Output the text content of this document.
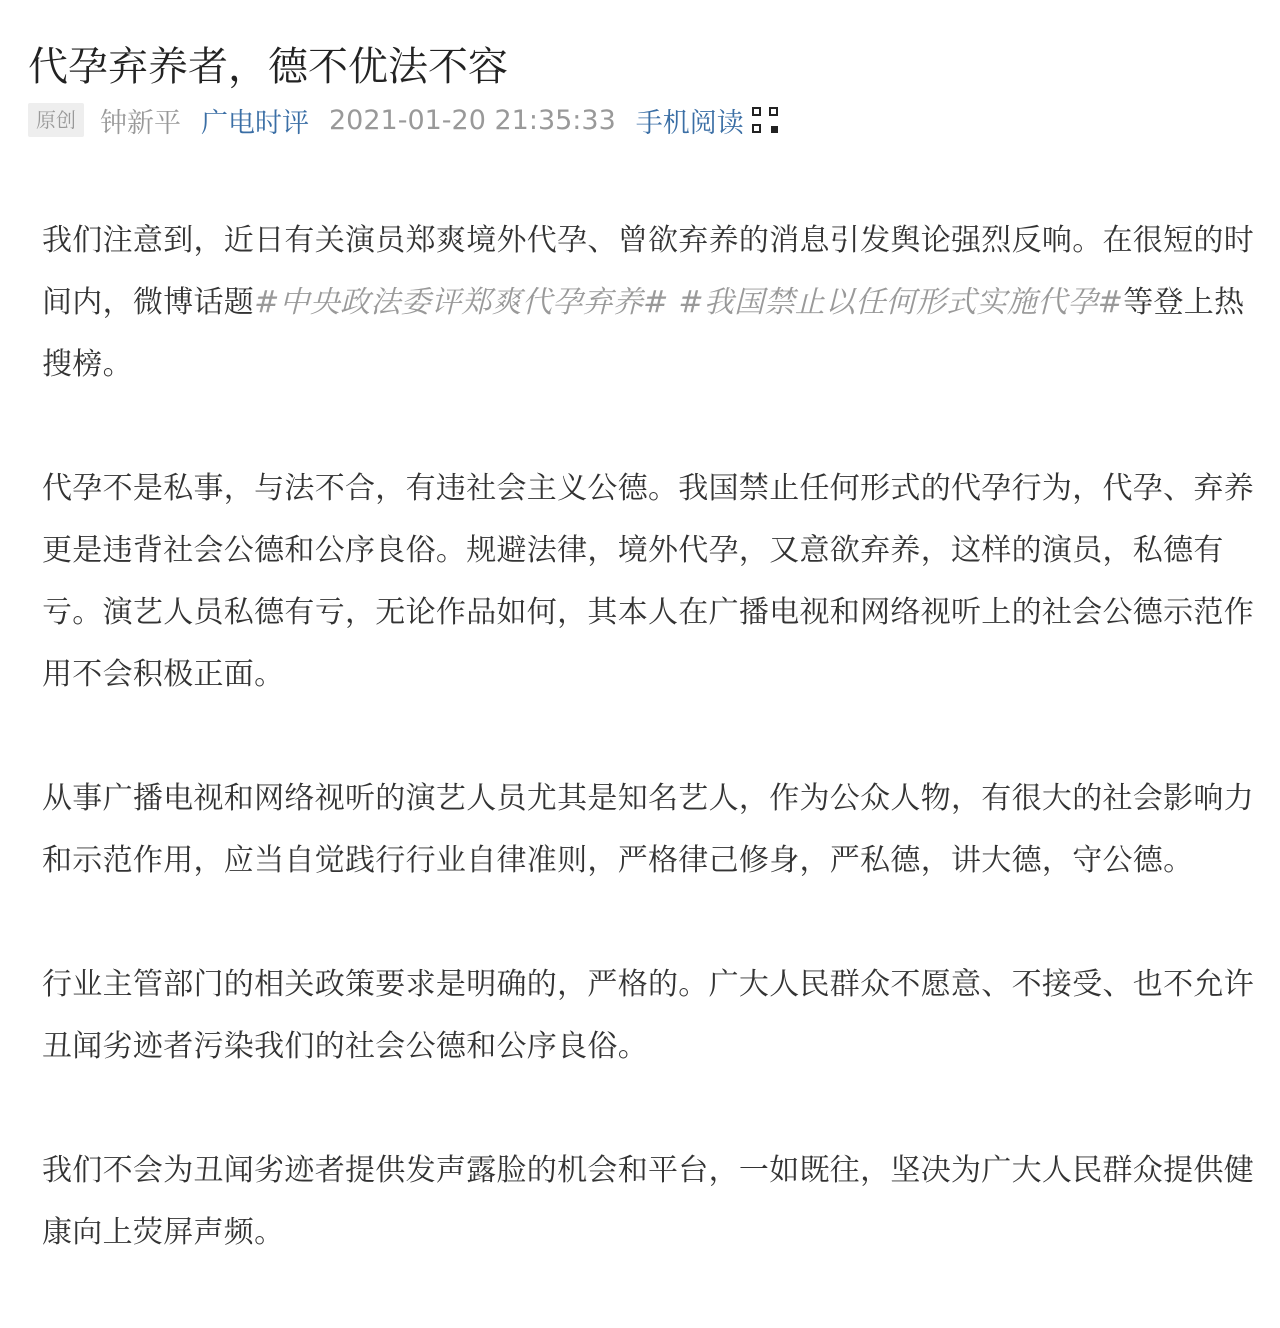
代孕弃养者，德不优法不容
原创 钟新平 广电时评 2021-01-20 21:35:33 手机阅读

我们注意到，近日有关演员郑爽境外代孕、曾欲弃养的消息引发舆论强烈反响。在很短的时间内，微博话题#中央政法委评郑爽代孕弃养# #我国禁止以任何形式实施代孕#等登上热搜榜。

代孕不是私事，与法不合，有违社会主义公德。我国禁止任何形式的代孕行为，代孕、弃养更是违背社会公德和公序良俗。规避法律，境外代孕，又意欲弃养，这样的演员，私德有亏。演艺人员私德有亏，无论作品如何，其本人在广播电视和网络视听上的社会公德示范作用不会积极正面。

从事广播电视和网络视听的演艺人员尤其是知名艺人，作为公众人物，有很大的社会影响力和示范作用，应当自觉践行行业自律准则，严格律己修身，严私德，讲大德，守公德。

行业主管部门的相关政策要求是明确的，严格的。广大人民群众不愿意、不接受、也不允许丑闻劣迹者污染我们的社会公德和公序良俗。

我们不会为丑闻劣迹者提供发声露脸的机会和平台，一如既往，坚决为广大人民群众提供健康向上荧屏声频。
